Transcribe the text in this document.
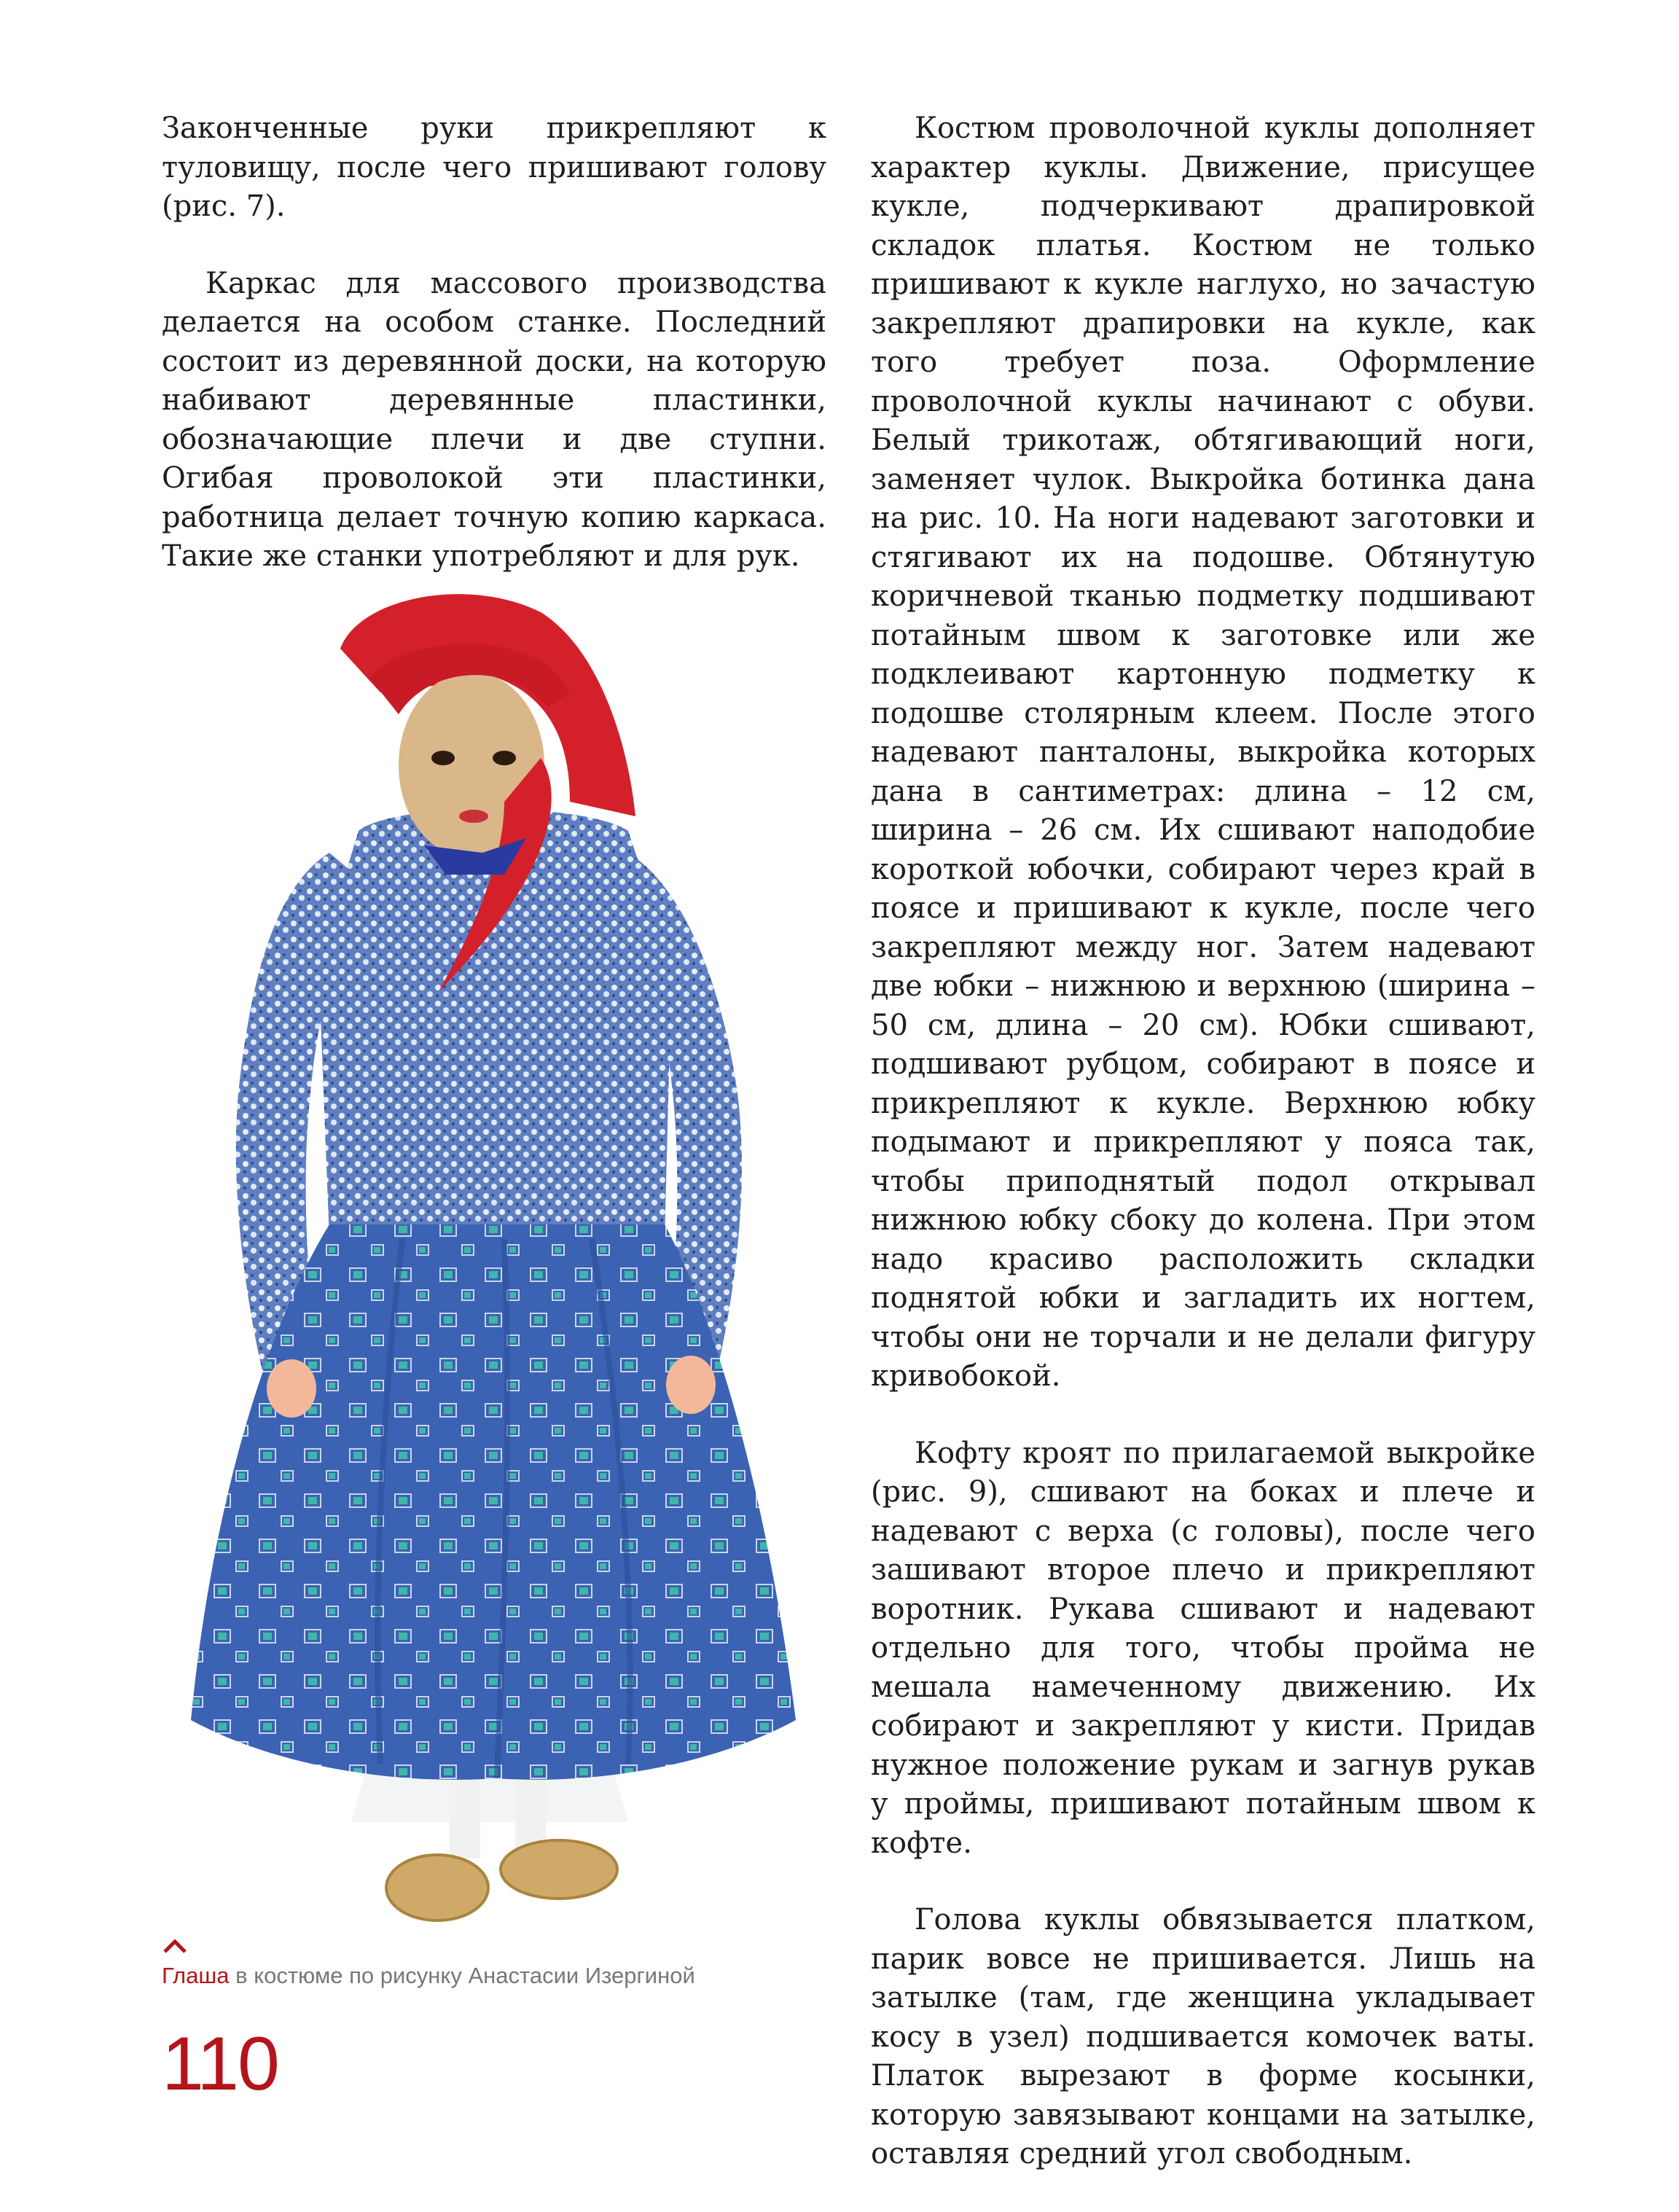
Законченные руки прикрепляют к туловищу, после чего пришивают голову (рис. 7).

Каркас для массового производства делается на особом станке. Последний состоит из деревянной доски, на которую набивают деревянные пластинки, обозначающие плечи и две ступни. Огибая проволокой эти пластинки, работница делает точную копию каркаса. Такие же станки употребляют и для рук.

Костюм проволочной куклы дополняет характер куклы. Движение, присущее кукле, подчеркивают драпировкой складок платья. Костюм не только пришивают к кукле наглухо, но зачастую закрепляют драпировки на кукле, как того требует поза. Оформление проволочной куклы начинают с обуви. Белый трикотаж, обтягивающий ноги, заменяет чулок. Выкройка ботинка дана на рис. 10. На ноги надевают заготовки и стягивают их на подошве. Обтянутую коричневой тканью подметку подшивают потайным швом к заготовке или же подклеивают картонную подметку к подошве столярным клеем. После этого надевают панталоны, выкройка которых дана в сантиметрах: длина – 12 см, ширина – 26 см. Их сшивают наподобие короткой юбочки, собирают через край в поясе и пришивают к кукле, после чего закрепляют между ног. Затем надевают две юбки – нижнюю и верхнюю (ширина – 50 см, длина – 20 см). Юбки сшивают, подшивают рубцом, собирают в поясе и прикрепляют к кукле. Верхнюю юбку подымают и прикрепляют у пояса так, чтобы приподнятый подол открывал нижнюю юбку сбоку до колена. При этом надо красиво расположить складки поднятой юбки и загладить их ногтем, чтобы они не торчали и не делали фигуру кривобокой.

Кофту кроят по прилагаемой выкройке (рис. 9), сшивают на боках и плече и надевают с верха (с головы), после чего зашивают второе плечо и прикрепляют воротник. Рукава сшивают и надевают отдельно для того, чтобы пройма не мешала намеченному движению. Их собирают и закрепляют у кисти. Придав нужное положение рукам и загнув рукав у проймы, пришивают потайным швом к кофте.

Голова куклы обвязывается платком, парик вовсе не пришивается. Лишь на затылке (там, где женщина укладывает косу в узел) подшивается комочек ваты. Платок вырезают в форме косынки, которую завязывают концами на затылке, оставляя средний угол свободным.

Глаша в костюме по рисунку Анастасии Изергиной
110
